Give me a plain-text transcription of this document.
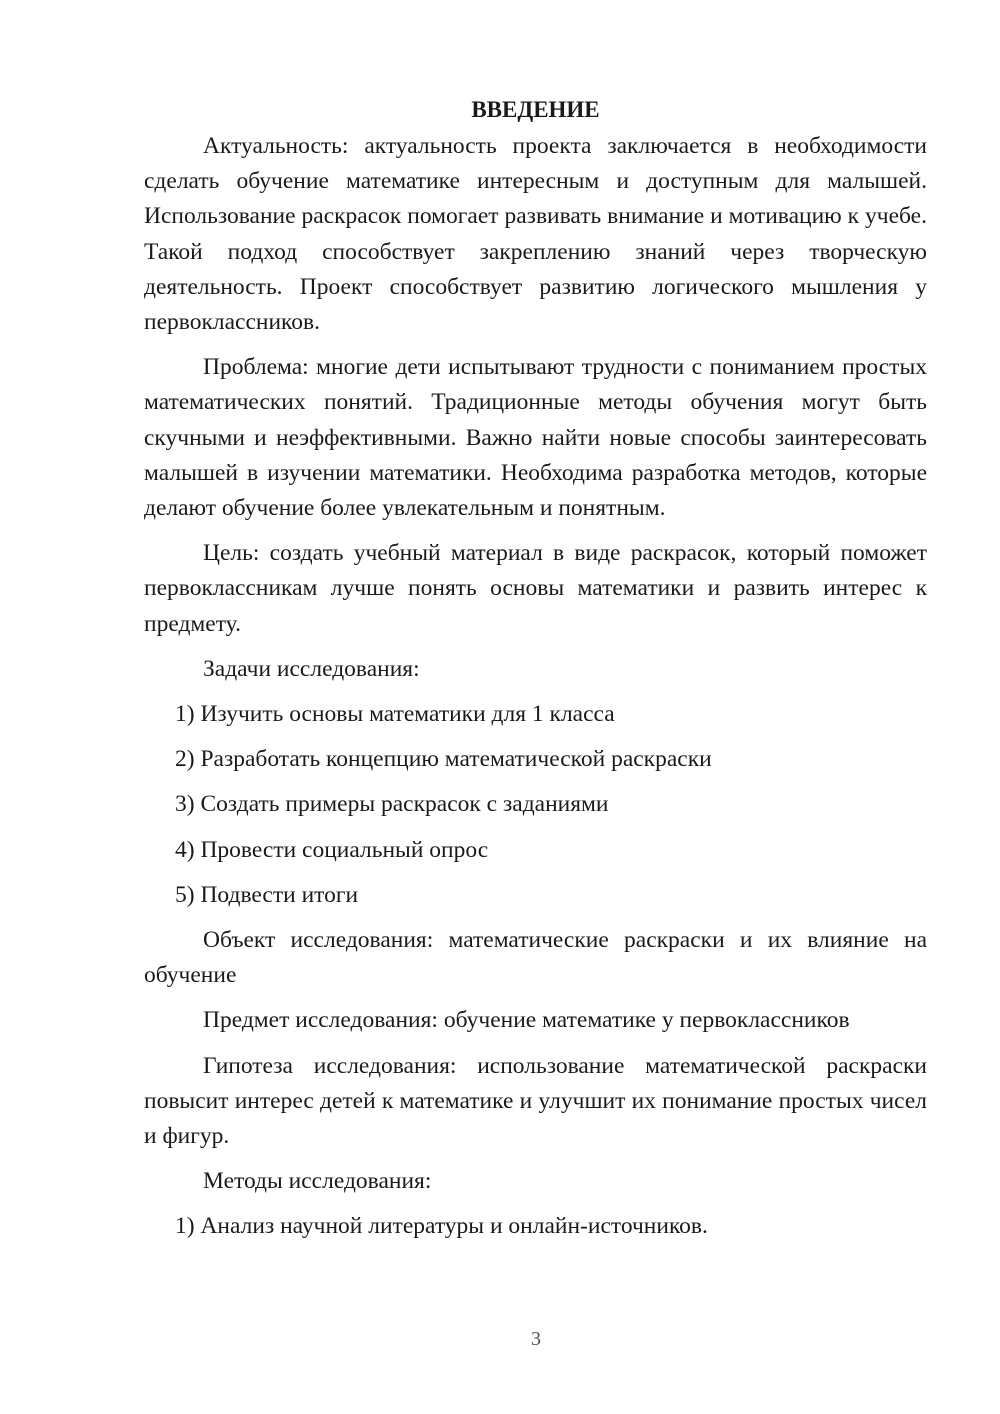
ВВЕДЕНИЕ

Актуальность: актуальность проекта заключается в необходимости сделать обучение математике интересным и доступным для малышей. Использование раскрасок помогает развивать внимание и мотивацию к учебе. Такой подход способствует закреплению знаний через творческую деятельность. Проект способствует развитию логического мышления у первоклассников.

Проблема: многие дети испытывают трудности с пониманием простых математических понятий. Традиционные методы обучения могут быть скучными и неэффективными. Важно найти новые способы заинтересовать малышей в изучении математики. Необходима разработка методов, которые делают обучение более увлекательным и понятным.

Цель: создать учебный материал в виде раскрасок, который поможет первоклассникам лучше понять основы математики и развить интерес к предмету.

Задачи исследования:

1) Изучить основы математики для 1 класса
2) Разработать концепцию математической раскраски
3) Создать примеры раскрасок с заданиями
4) Провести социальный опрос
5) Подвести итоги

Объект исследования: математические раскраски и их влияние на обучение

Предмет исследования: обучение математике у первоклассников

Гипотеза исследования: использование математической раскраски повысит интерес детей к математике и улучшит их понимание простых чисел и фигур.

Методы исследования:

1) Анализ научной литературы и онлайн-источников.
3
